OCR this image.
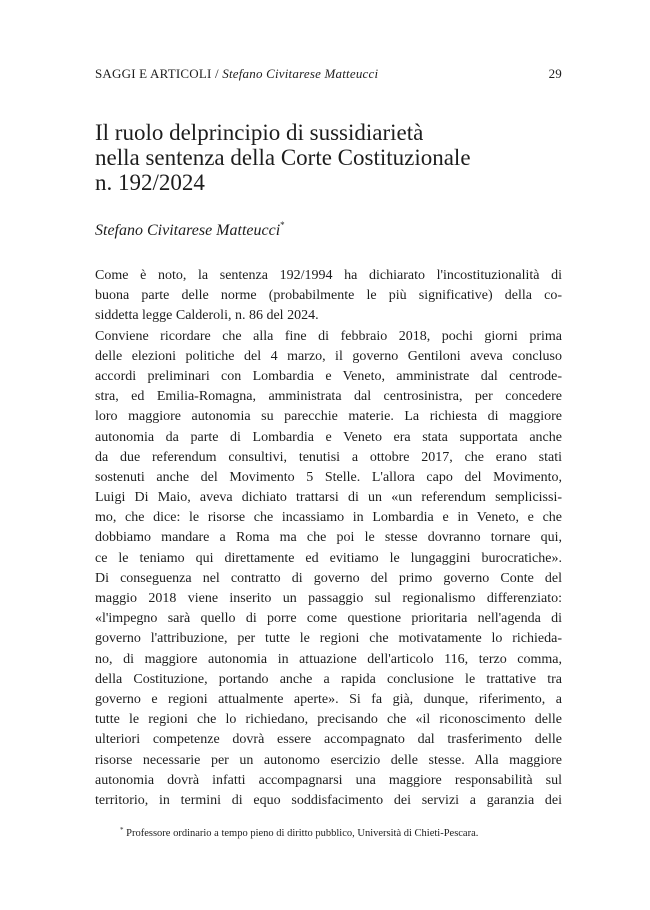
SAGGI E ARTICOLI / Stefano Civitarese Matteucci	29
Il ruolo delprincipio di sussidiarietà
nella sentenza della Corte Costituzionale
n. 192/2024

Stefano Civitarese Matteucci*

Come è noto, la sentenza 192/1994 ha dichiarato l'incostituzionalità di
buona parte delle norme (probabilmente le più significative) della co-
siddetta legge Calderoli, n. 86 del 2024.
Conviene ricordare che alla fine di febbraio 2018, pochi giorni prima
delle elezioni politiche del 4 marzo, il governo Gentiloni aveva concluso
accordi preliminari con Lombardia e Veneto, amministrate dal centrode-
stra, ed Emilia-Romagna, amministrata dal centrosinistra, per concedere
loro maggiore autonomia su parecchie materie. La richiesta di maggiore
autonomia da parte di Lombardia e Veneto era stata supportata anche
da due referendum consultivi, tenutisi a ottobre 2017, che erano stati
sostenuti anche del Movimento 5 Stelle. L'allora capo del Movimento,
Luigi Di Maio, aveva dichiato trattarsi di un «un referendum semplicissi-
mo, che dice: le risorse che incassiamo in Lombardia e in Veneto, e che
dobbiamo mandare a Roma ma che poi le stesse dovranno tornare qui,
ce le teniamo qui direttamente ed evitiamo le lungaggini burocratiche».
Di conseguenza nel contratto di governo del primo governo Conte del
maggio 2018 viene inserito un passaggio sul regionalismo differenziato:
«l'impegno sarà quello di porre come questione prioritaria nell'agenda di
governo l'attribuzione, per tutte le regioni che motivatamente lo richieda-
no, di maggiore autonomia in attuazione dell'articolo 116, terzo comma,
della Costituzione, portando anche a rapida conclusione le trattative tra
governo e regioni attualmente aperte». Si fa già, dunque, riferimento, a
tutte le regioni che lo richiedano, precisando che «il riconoscimento delle
ulteriori competenze dovrà essere accompagnato dal trasferimento delle
risorse necessarie per un autonomo esercizio delle stesse. Alla maggiore
autonomia dovrà infatti accompagnarsi una maggiore responsabilità sul
territorio, in termini di equo soddisfacimento dei servizi a garanzia dei

* Professore ordinario a tempo pieno di diritto pubblico, Università di Chieti-Pescara.
